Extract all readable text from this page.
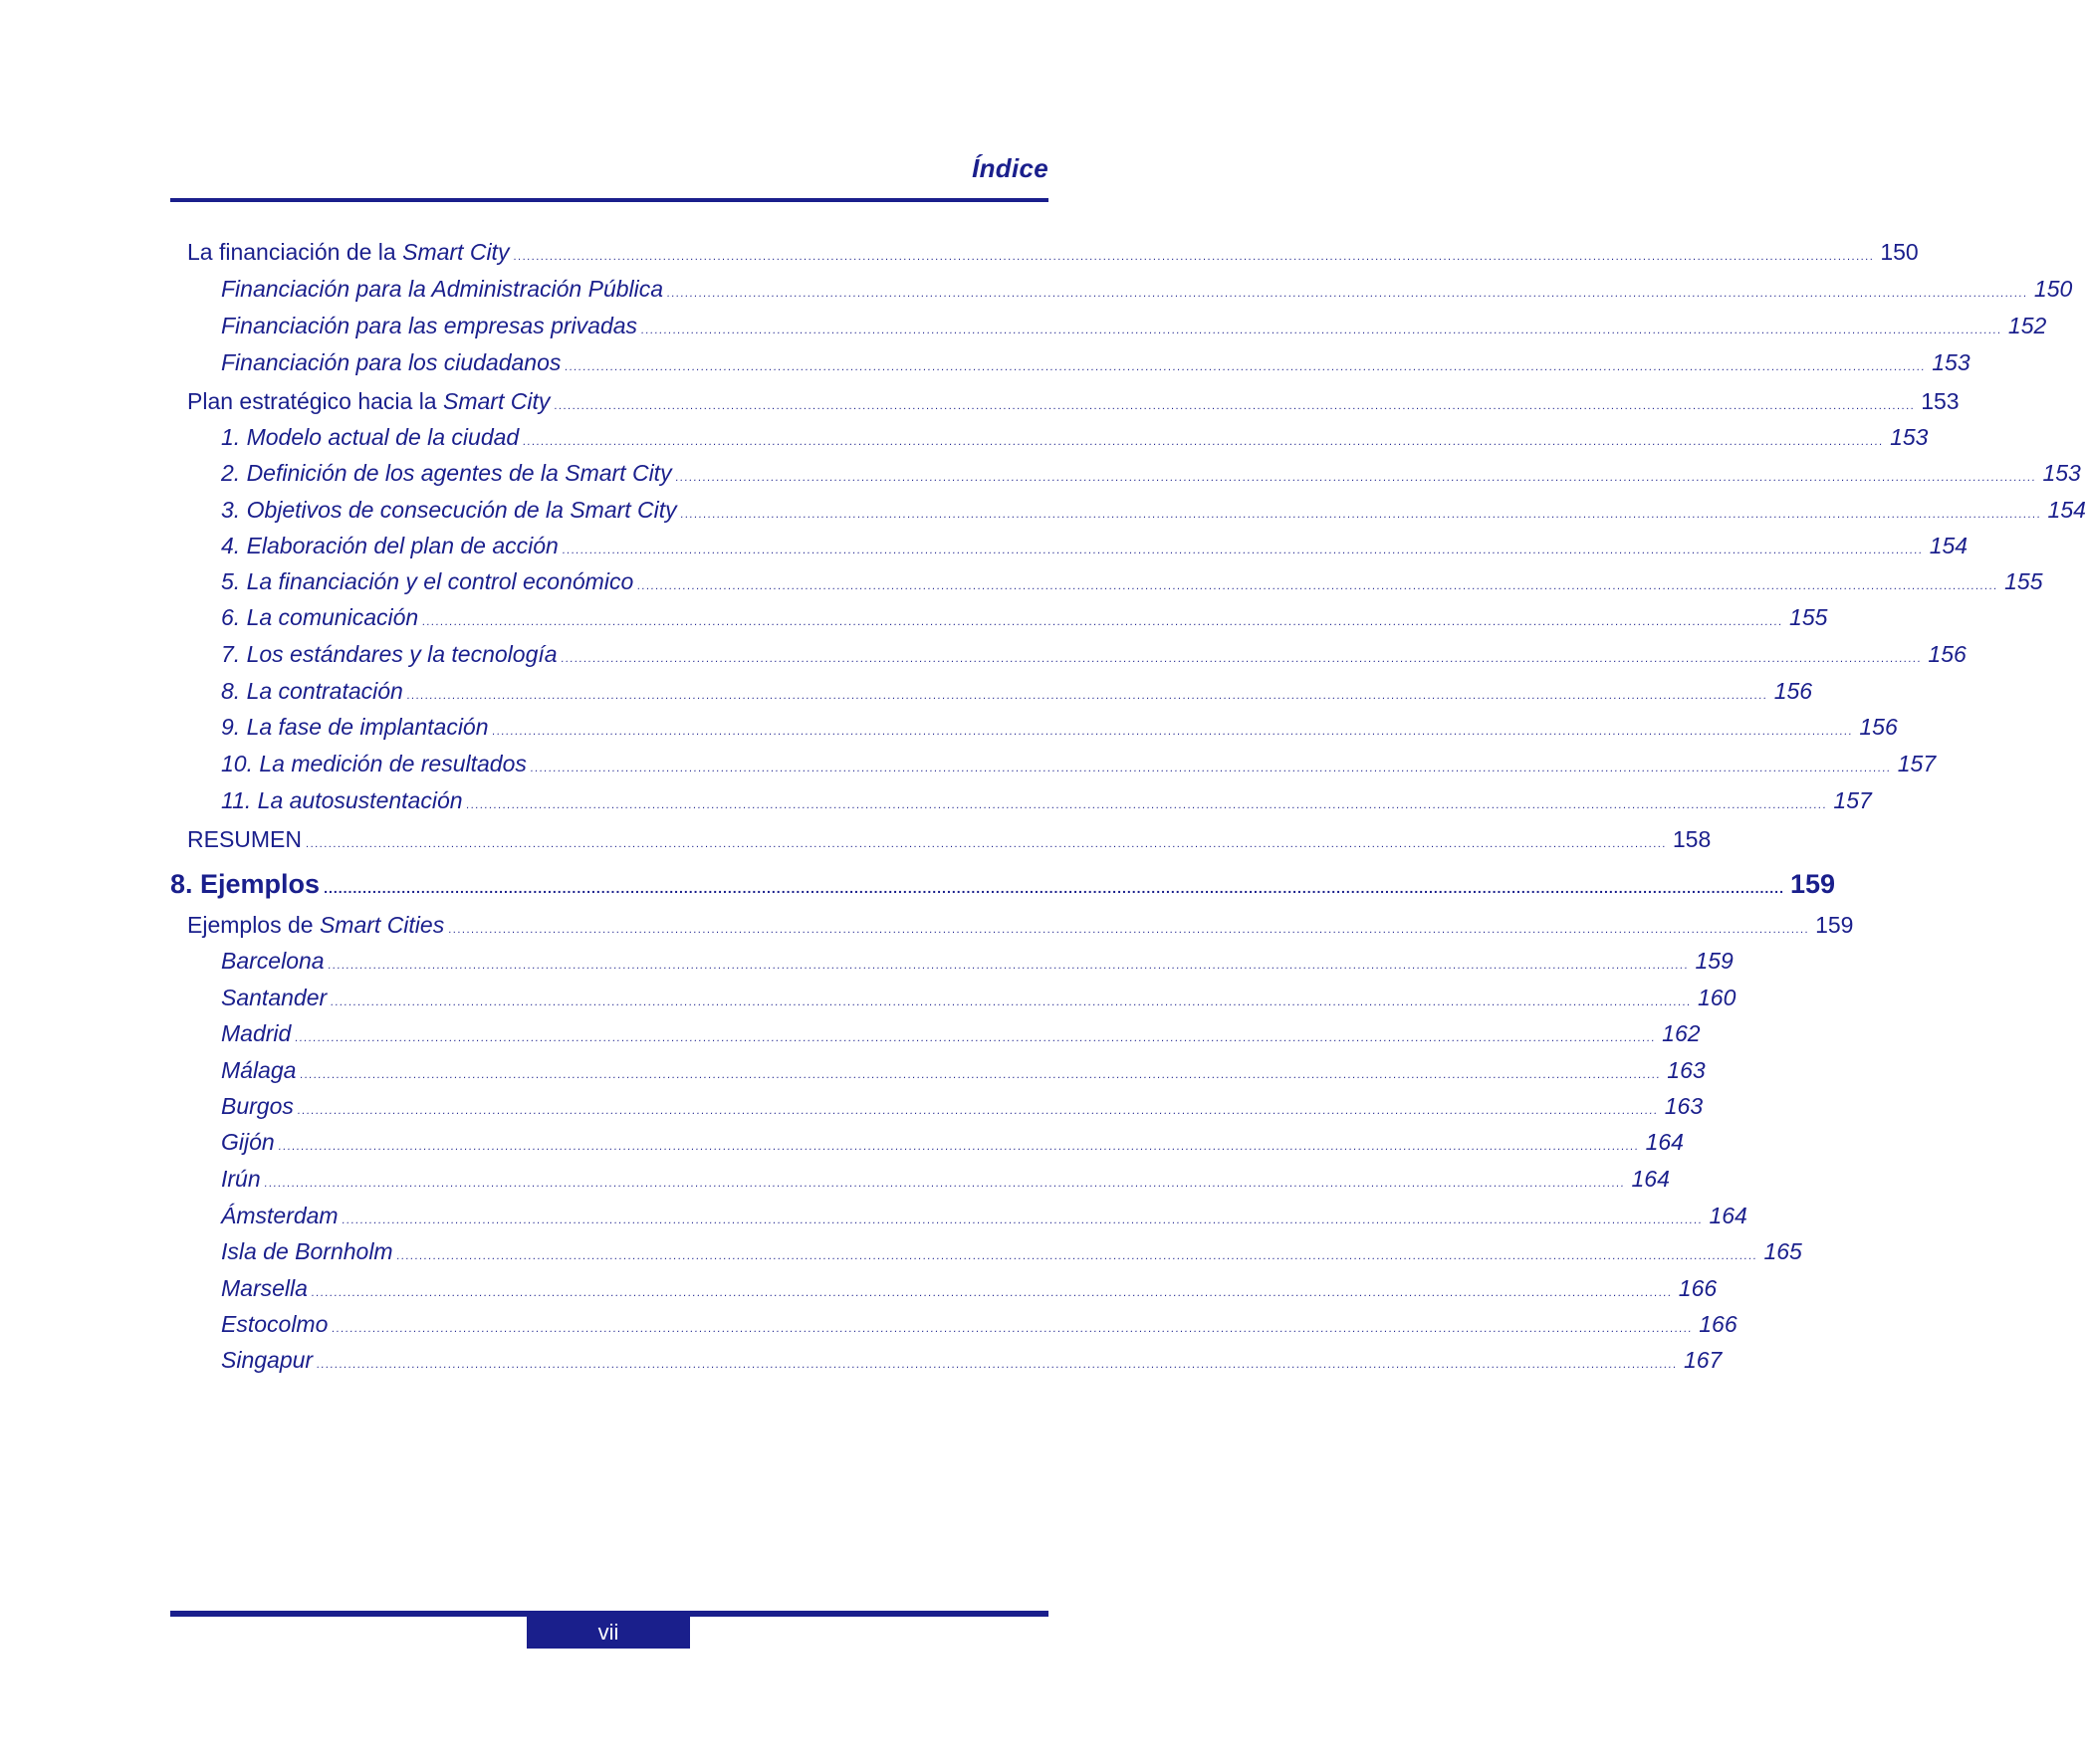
Índice
La financiación de la Smart City ............................................................................................................................................................................................................................................................................................................ 150
Financiación para la Administración Pública ............................................................................................................................................................................................................................................................................................................ 150
Financiación para las empresas privadas ............................................................................................................................................................................................................................................................................................................ 152
Financiación para los ciudadanos ............................................................................................................................................................................................................................................................................................................ 153
Plan estratégico hacia la Smart City ............................................................................................................................................................................................................................................................................................................ 153
1. Modelo actual de la ciudad ............................................................................................................................................................................................................................................................................................................ 153
2. Definición de los agentes de la Smart City ............................................................................................................................................................................................................................................................................................................ 153
3. Objetivos de consecución de la Smart City ............................................................................................................................................................................................................................................................................................................ 154
4. Elaboración del plan de acción ............................................................................................................................................................................................................................................................................................................ 154
5. La financiación y el control económico ............................................................................................................................................................................................................................................................................................................ 155
6. La comunicación ............................................................................................................................................................................................................................................................................................................ 155
7. Los estándares y la tecnología ............................................................................................................................................................................................................................................................................................................ 156
8. La contratación ............................................................................................................................................................................................................................................................................................................ 156
9. La fase de implantación ............................................................................................................................................................................................................................................................................................................ 156
10. La medición de resultados ............................................................................................................................................................................................................................................................................................................ 157
11. La autosustentación ............................................................................................................................................................................................................................................................................................................ 157
RESUMEN ............................................................................................................................................................................................................................................................................................................ 158
8. Ejemplos ............................................................................................................................................................................................................................................................................................................ 159
Ejemplos de Smart Cities ............................................................................................................................................................................................................................................................................................................ 159
Barcelona ............................................................................................................................................................................................................................................................................................................ 159
Santander ............................................................................................................................................................................................................................................................................................................ 160
Madrid ............................................................................................................................................................................................................................................................................................................ 162
Málaga ............................................................................................................................................................................................................................................................................................................ 163
Burgos ............................................................................................................................................................................................................................................................................................................ 163
Gijón ............................................................................................................................................................................................................................................................................................................ 164
Irún ............................................................................................................................................................................................................................................................................................................ 164
Ámsterdam ............................................................................................................................................................................................................................................................................................................ 164
Isla de Bornholm ............................................................................................................................................................................................................................................................................................................ 165
Marsella ............................................................................................................................................................................................................................................................................................................ 166
Estocolmo ............................................................................................................................................................................................................................................................................................................ 166
Singapur ............................................................................................................................................................................................................................................................................................................ 167
vii
